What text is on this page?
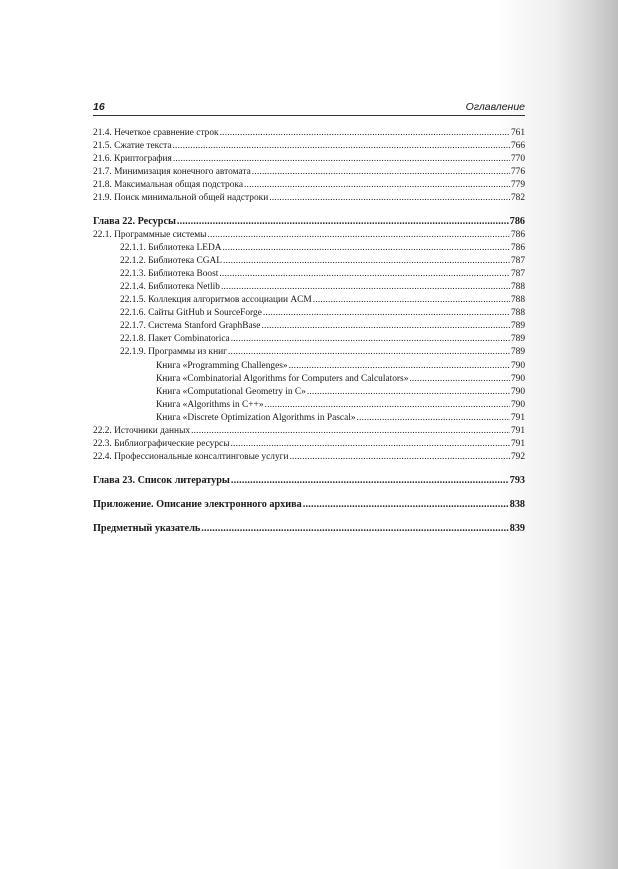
16	Оглавление
21.4. Нечеткое сравнение строк .....	761
21.5. Сжатие текста .....	766
21.6. Криптография .....	770
21.7. Минимизация конечного автомата .....	776
21.8. Максимальная общая подстрока .....	779
21.9. Поиск минимальной общей надстроки .....	782
Глава 22. Ресурсы .....	786
22.1. Программные системы .....	786
22.1.1. Библиотека LEDA .....	786
22.1.2. Библиотека CGAL .....	787
22.1.3. Библиотека Boost .....	787
22.1.4. Библиотека Netlib .....	788
22.1.5. Коллекция алгоритмов ассоциации ACM .....	788
22.1.6. Сайты GitHub и SourceForge .....	788
22.1.7. Система Stanford GraphBase .....	789
22.1.8. Пакет Combinatorica .....	789
22.1.9. Программы из книг .....	789
Книга «Programming Challenges» .....	790
Книга «Combinatorial Algorithms for Computers and Calculators» .....	790
Книга «Computational Geometry in C» .....	790
Книга «Algorithms in C++» .....	790
Книга «Discrete Optimization Algorithms in Pascal» .....	791
22.2. Источники данных .....	791
22.3. Библиографические ресурсы .....	791
22.4. Профессиональные консалтинговые услуги .....	792
Глава 23. Список литературы .....	793
Приложение. Описание электронного архива .....	838
Предметный указатель .....	839
